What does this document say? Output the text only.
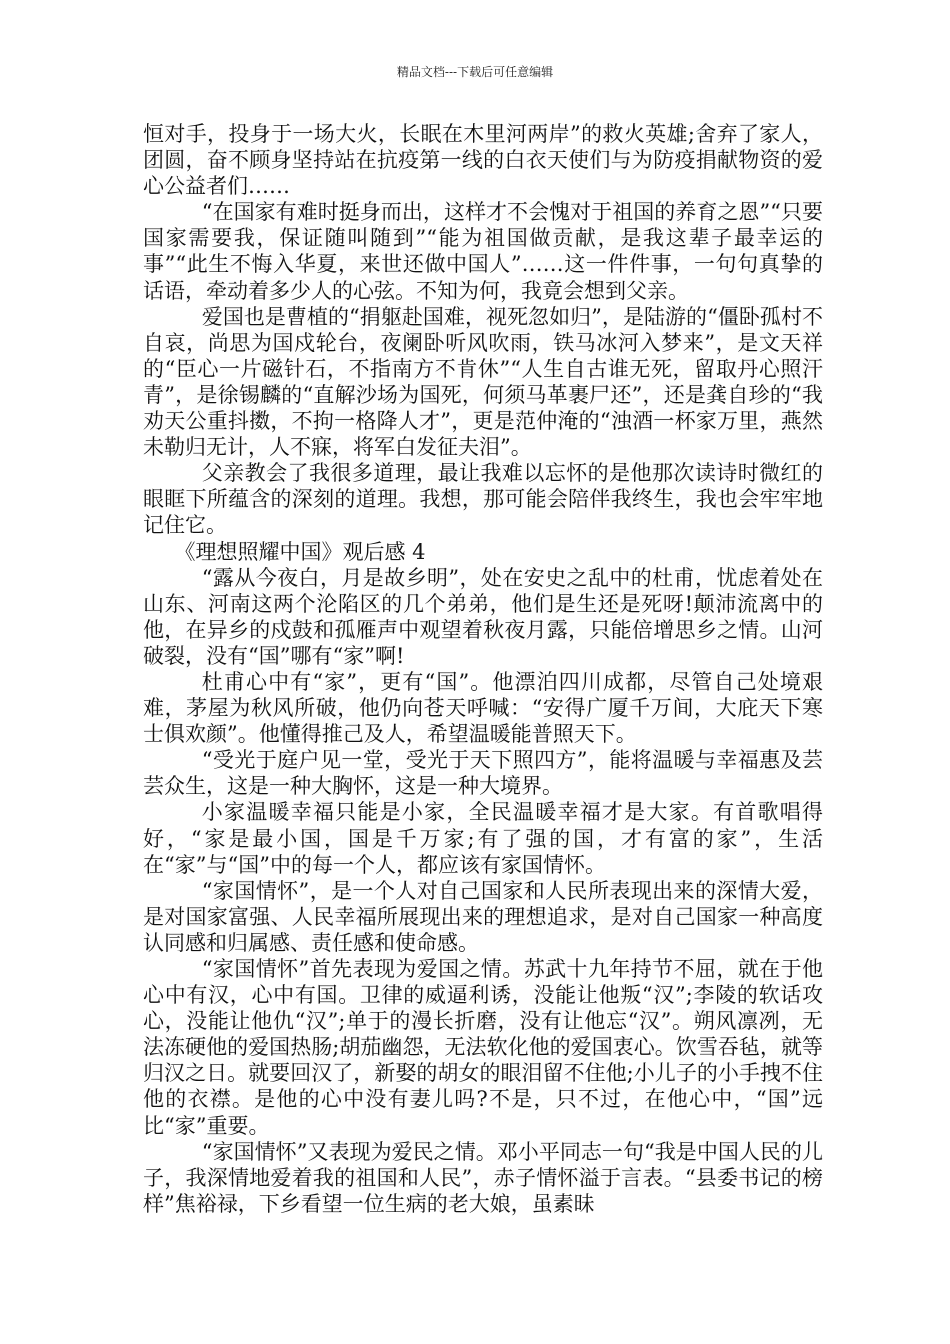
精品文档---下载后可任意编辑

恒对手，投身于一场大火，长眠在木里河两岸”的救火英雄;舍弃了家人，团圆，奋不顾身坚持站在抗疫第一线的白衣天使们与为防疫捐献物资的爱心公益者们……

“在国家有难时挺身而出，这样才不会愧对于祖国的养育之恩”“只要国家需要我，保证随叫随到”“能为祖国做贡献，是我这辈子最幸运的事”“此生不悔入华夏，来世还做中国人”……这一件件事，一句句真挚的话语，牵动着多少人的心弦。不知为何，我竟会想到父亲。

爱国也是曹植的“捐躯赴国难，视死忽如归”，是陆游的“僵卧孤村不自哀，尚思为国戍轮台，夜阑卧听风吹雨，铁马冰河入梦来”，是文天祥的“臣心一片磁针石，不指南方不肯休”“人生自古谁无死，留取丹心照汗青”，是徐锡麟的“直解沙场为国死，何须马革裹尸还”，还是龚自珍的“我劝天公重抖擞，不拘一格降人才”，更是范仲淹的“浊酒一杯家万里，燕然未勒归无计，人不寐，将军白发征夫泪”。

父亲教会了我很多道理，最让我难以忘怀的是他那次读诗时微红的眼眶下所蕴含的深刻的道理。我想，那可能会陪伴我终生，我也会牢牢地记住它。

《理想照耀中国》观后感 4

“露从今夜白，月是故乡明”，处在安史之乱中的杜甫，忧虑着处在山东、河南这两个沦陷区的几个弟弟，他们是生还是死呀!颠沛流离中的他，在异乡的戍鼓和孤雁声中观望着秋夜月露，只能倍增思乡之情。山河破裂，没有“国”哪有“家”啊!

杜甫心中有“家”，更有“国”。他漂泊四川成都，尽管自己处境艰难，茅屋为秋风所破，他仍向苍天呼喊：“安得广厦千万间，大庇天下寒士俱欢颜”。他懂得推己及人，希望温暖能普照天下。

“受光于庭户见一堂，受光于天下照四方”，能将温暖与幸福惠及芸芸众生，这是一种大胸怀，这是一种大境界。

小家温暖幸福只能是小家，全民温暖幸福才是大家。有首歌唱得好，“家是最小国，国是千万家;有了强的国，才有富的家”，生活在“家”与“国”中的每一个人，都应该有家国情怀。

“家国情怀”，是一个人对自己国家和人民所表现出来的深情大爱，是对国家富强、人民幸福所展现出来的理想追求，是对自己国家一种高度认同感和归属感、责任感和使命感。

“家国情怀”首先表现为爱国之情。苏武十九年持节不屈，就在于他心中有汉，心中有国。卫律的威逼利诱，没能让他叛“汉”;李陵的软话攻心，没能让他仇“汉”;单于的漫长折磨，没有让他忘“汉”。朔风凛冽，无法冻硬他的爱国热肠;胡茄幽怨，无法软化他的爱国衷心。饮雪吞毡，就等归汉之日。就要回汉了，新娶的胡女的眼泪留不住他;小儿子的小手拽不住他的衣襟。是他的心中没有妻儿吗?不是，只不过，在他心中，“国”远比“家”重要。

“家国情怀”又表现为爱民之情。邓小平同志一句“我是中国人民的儿子，我深情地爱着我的祖国和人民”，赤子情怀溢于言表。“县委书记的榜样”焦裕禄，下乡看望一位生病的老大娘，虽素昧
